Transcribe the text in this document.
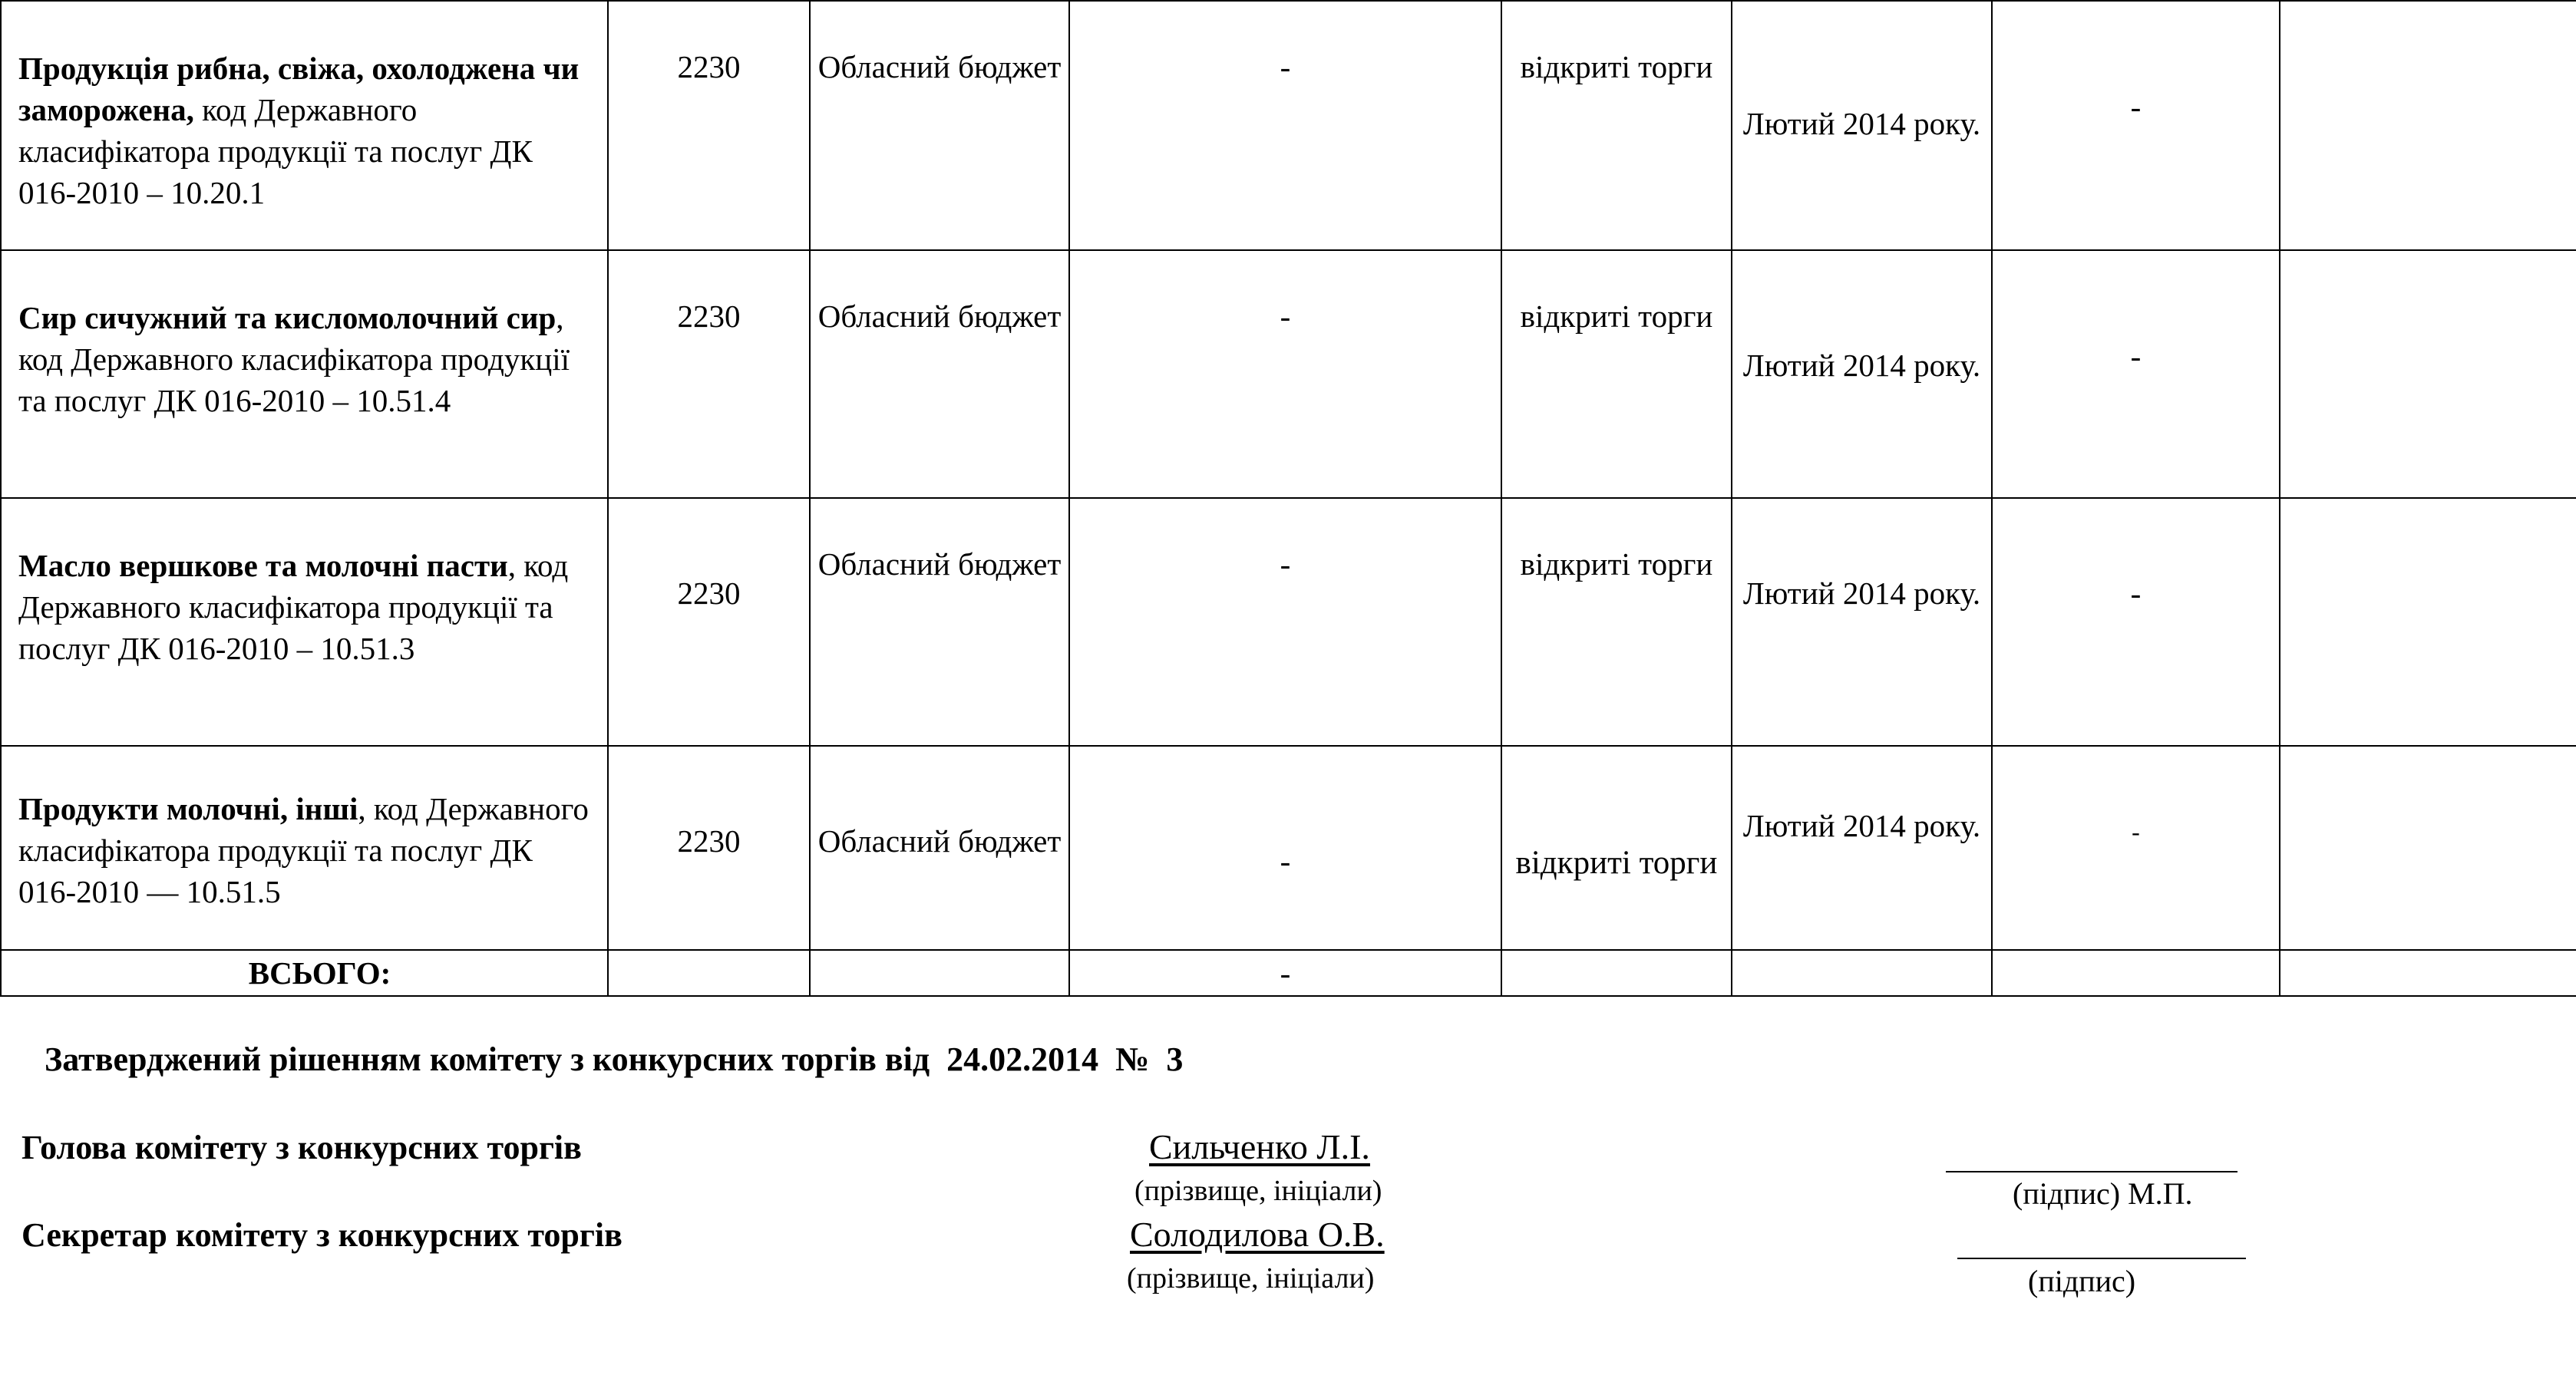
Продукція рибна, свіжа, охолоджена чи заморожена, код Державного класифікатора продукції та послуг ДК 016-2010 – 10.20.1	2230	Обласний бюджет	-	відкриті торги	Лютий 2014 року.	-	
Сир сичужний та кисломолочний сир, код Державного класифікатора продукції та послуг ДК 016-2010 – 10.51.4	2230	Обласний бюджет	-	відкриті торги	Лютий 2014 року.	-	
Масло вершкове та молочні пасти, код Державного класифікатора продукції та послуг ДК 016-2010 – 10.51.3	2230	Обласний бюджет	-	відкриті торги	Лютий 2014 року.	-	
Продукти молочні, інші, код Державного класифікатора продукції та послуг ДК 016-2010 — 10.51.5	2230	Обласний бюджет	-	відкриті торги	Лютий 2014 року.	-	
ВСЬОГО:			-				
Затверджений рішенням комітету з конкурсних торгів від  24.02.2014  №  3
Голова комітету з конкурсних торгів	Сильченко Л.І.
(прізвище, ініціали)	(підпис) М.П.
Секретар комітету з конкурсних торгів	Солодилова О.В.
(прізвище, ініціали)	(підпис)
